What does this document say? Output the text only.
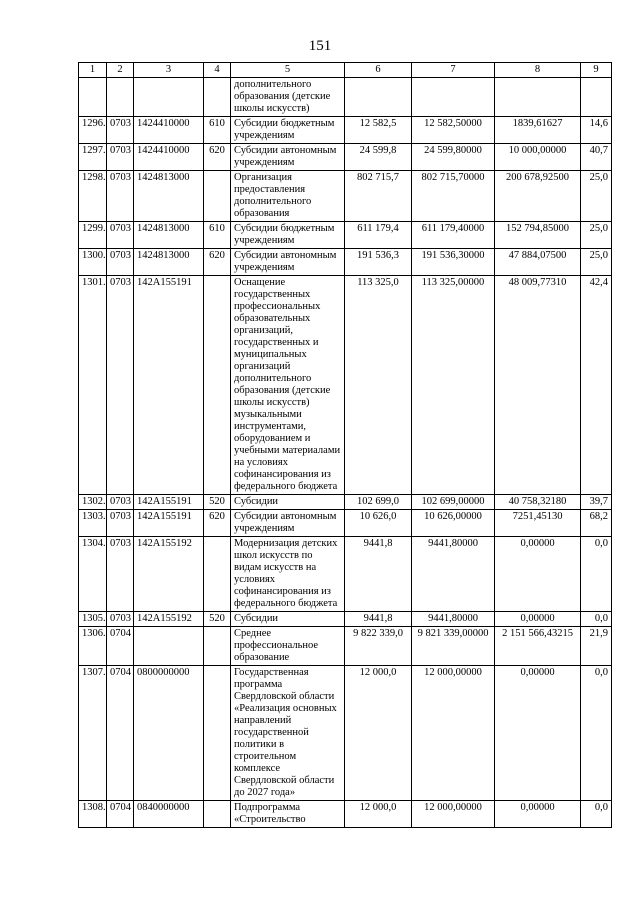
151
1	2	3	4	5	6	7	8	9
				дополнительного образования (детские школы искусств)				
1296.	0703	1424410000	610	Субсидии бюджетным учреждениям	12 582,5	12 582,50000	1839,61627	14,6
1297.	0703	1424410000	620	Субсидии автономным учреждениям	24 599,8	24 599,80000	10 000,00000	40,7
1298.	0703	1424813000		Организация предоставления дополнительного образования	802 715,7	802 715,70000	200 678,92500	25,0
1299.	0703	1424813000	610	Субсидии бюджетным учреждениям	611 179,4	611 179,40000	152 794,85000	25,0
1300.	0703	1424813000	620	Субсидии автономным учреждениям	191 536,3	191 536,30000	47 884,07500	25,0
1301.	0703	142A155191		Оснащение государственных профессиональных образовательных организаций, государственных и муниципальных организаций дополнительного образования (детские школы искусств) музыкальными инструментами, оборудованием и учебными материалами на условиях софинансирования из федерального бюджета	113 325,0	113 325,00000	48 009,77310	42,4
1302.	0703	142A155191	520	Субсидии	102 699,0	102 699,00000	40 758,32180	39,7
1303.	0703	142A155191	620	Субсидии автономным учреждениям	10 626,0	10 626,00000	7251,45130	68,2
1304.	0703	142A155192		Модернизация детских школ искусств по видам искусств на условиях софинансирования из федерального бюджета	9441,8	9441,80000	0,00000	0,0
1305.	0703	142A155192	520	Субсидии	9441,8	9441,80000	0,00000	0,0
1306.	0704			Среднее профессиональное образование	9 822 339,0	9 821 339,00000	2 151 566,43215	21,9
1307.	0704	0800000000		Государственная программа Свердловской области «Реализация основных направлений государственной политики в строительном комплексе Свердловской области до 2027 года»	12 000,0	12 000,00000	0,00000	0,0
1308.	0704	0840000000		Подпрограмма «Строительство	12 000,0	12 000,00000	0,00000	0,0
